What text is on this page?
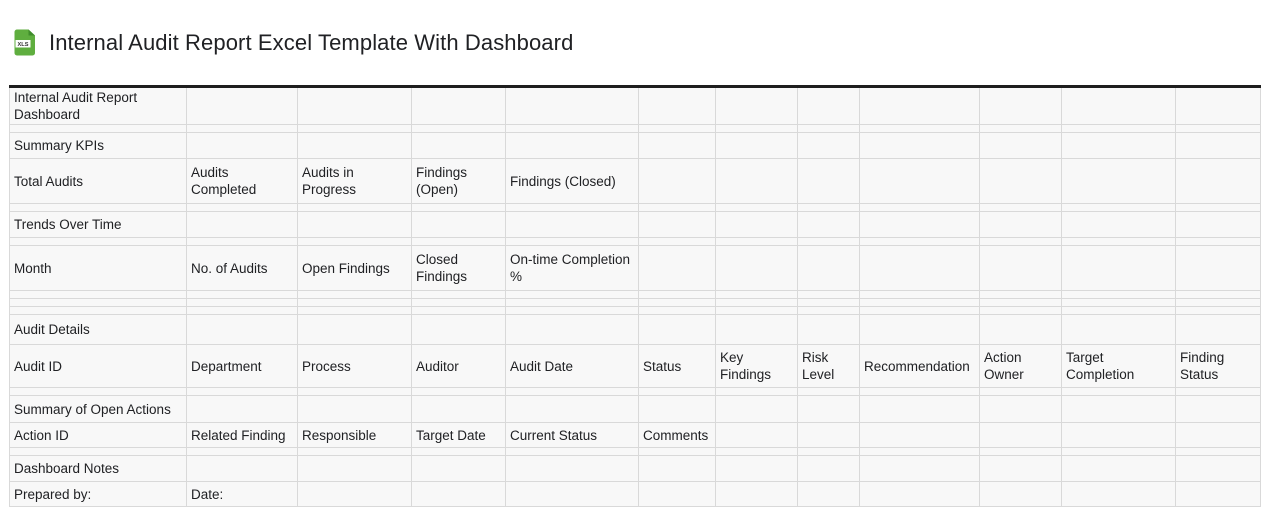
XLS Internal Audit Report Excel Template With Dashboard
Internal Audit Report Dashboard											

Summary KPIs											
Total Audits	Audits Completed	Audits in Progress	Findings (Open)	Findings (Closed)							

Trends Over Time											

Month	No. of Audits	Open Findings	Closed Findings	On-time Completion %							

Audit Details											
Audit ID	Department	Process	Auditor	Audit Date	Status	Key Findings	Risk Level	Recommendation	Action Owner	Target Completion	Finding Status

Summary of Open Actions											
Action ID	Related Finding	Responsible	Target Date	Current Status	Comments						

Dashboard Notes											
Prepared by:	Date:										
